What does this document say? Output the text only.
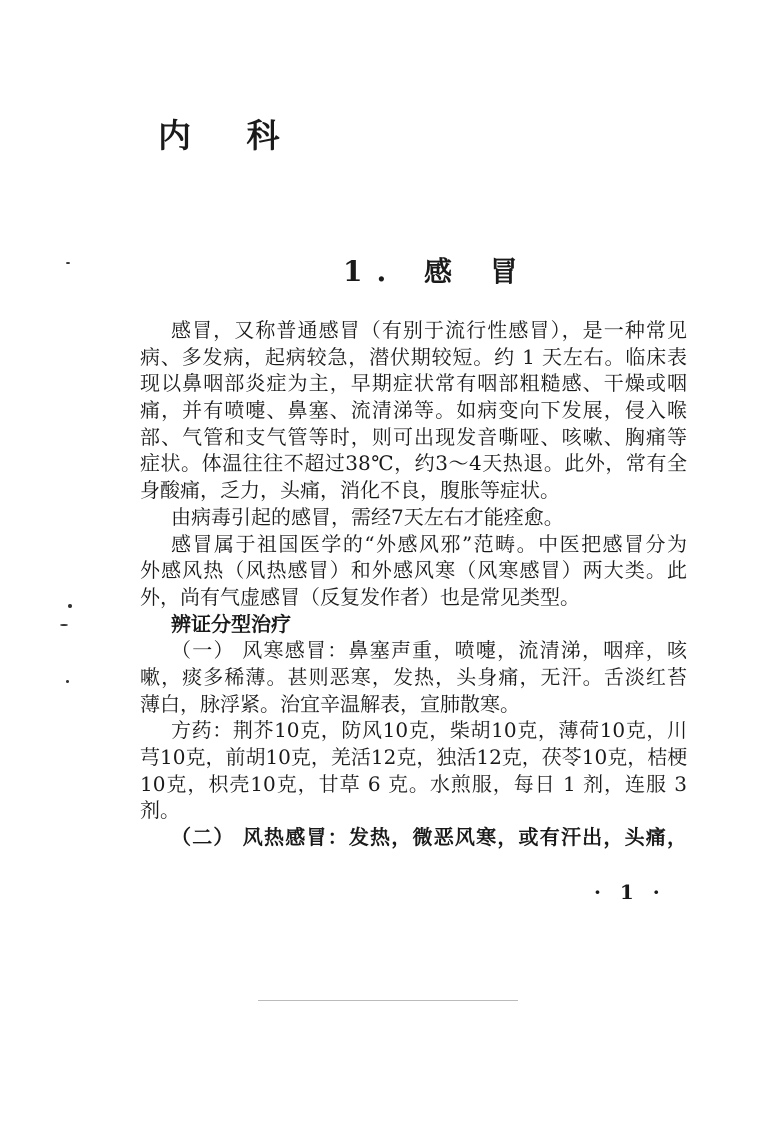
内 科
1. 感 冒
感冒，又称普通感冒（有别于流行性感冒），是一种常见
病、多发病，起病较急，潜伏期较短。约 1 天左右。临床表
现以鼻咽部炎症为主，早期症状常有咽部粗糙感、干燥或咽
痛，并有喷嚏、鼻塞、流清涕等。如病变向下发展，侵入喉
部、气管和支气管等时，则可出现发音嘶哑、咳嗽、胸痛等
症状。体温往往不超过38℃，约3～4天热退。此外，常有全
身酸痛，乏力，头痛，消化不良，腹胀等症状。
由病毒引起的感冒，需经7天左右才能痊愈。
感冒属于祖国医学的“外感风邪”范畴。中医把感冒分为
外感风热（风热感冒）和外感风寒（风寒感冒）两大类。此
外，尚有气虚感冒（反复发作者）也是常见类型。
辨证分型治疗
（一） 风寒感冒：鼻塞声重，喷嚏，流清涕，咽痒，咳
嗽，痰多稀薄。甚则恶寒，发热，头身痛，无汗。舌淡红苔
薄白，脉浮紧。治宜辛温解表，宣肺散寒。
方药：荆芥10克，防风10克，柴胡10克，薄荷10克，川
芎10克，前胡10克，羌活12克，独活12克，茯苓10克，桔梗
10克，枳壳10克，甘草 6 克。水煎服，每日 1 剂，连服 3
剂。
（二） 风热感冒：发热，微恶风寒，或有汗出，头痛，
· 1 ·
